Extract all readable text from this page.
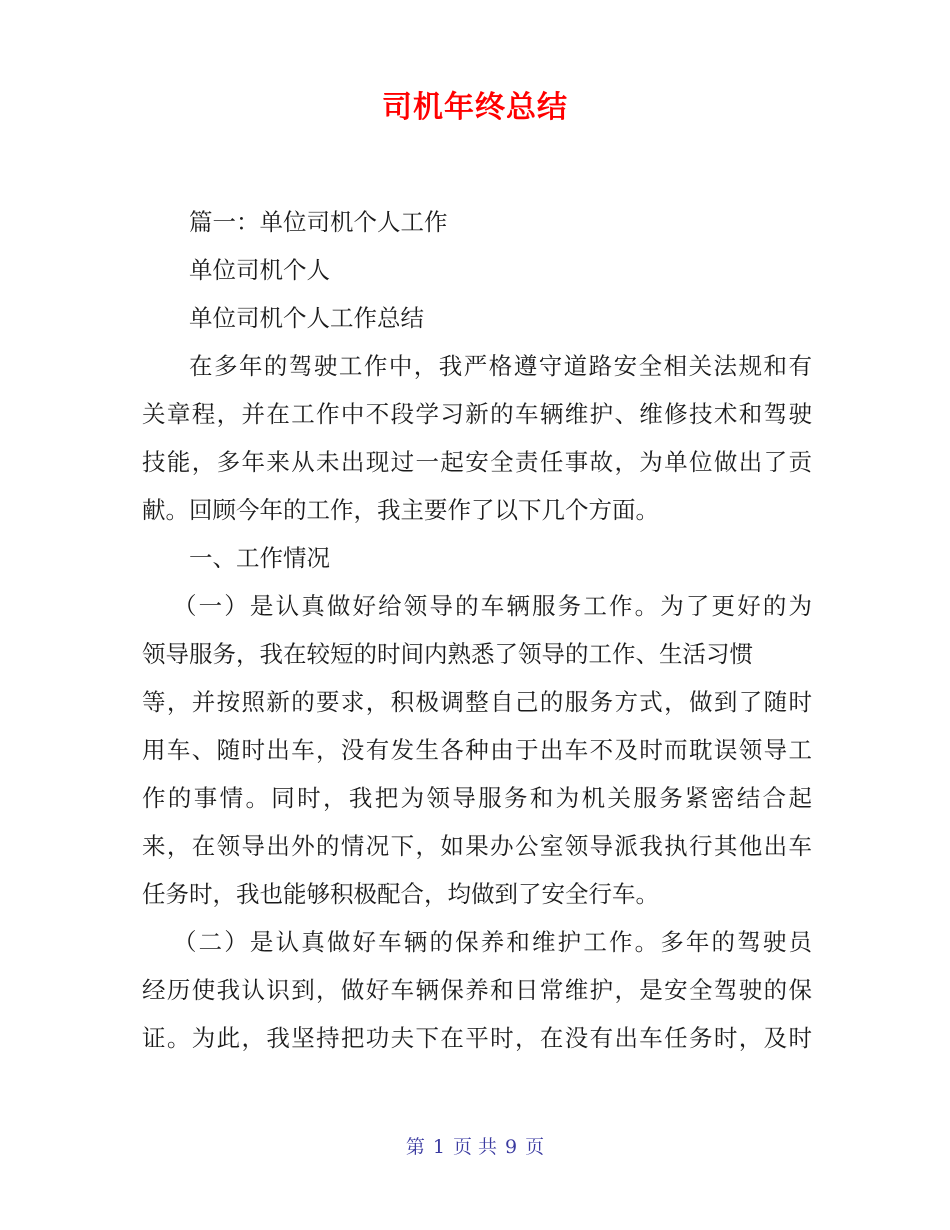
司机年终总结
篇一：单位司机个人工作
单位司机个人
单位司机个人工作总结
在多年的驾驶工作中，我严格遵守道路安全相关法规和有
关章程，并在工作中不段学习新的车辆维护、维修技术和驾驶
技能，多年来从未出现过一起安全责任事故，为单位做出了贡
献。回顾今年的工作，我主要作了以下几个方面。
一、工作情况
（一）是认真做好给领导的车辆服务工作。为了更好的为
领导服务，我在较短的时间内熟悉了领导的工作、生活习惯
等，并按照新的要求，积极调整自己的服务方式，做到了随时
用车、随时出车，没有发生各种由于出车不及时而耽误领导工
作的事情。同时，我把为领导服务和为机关服务紧密结合起
来，在领导出外的情况下，如果办公室领导派我执行其他出车
任务时，我也能够积极配合，均做到了安全行车。
（二）是认真做好车辆的保养和维护工作。多年的驾驶员
经历使我认识到，做好车辆保养和日常维护，是安全驾驶的保
证。为此，我坚持把功夫下在平时，在没有出车任务时，及时
第 1 页 共 9 页
